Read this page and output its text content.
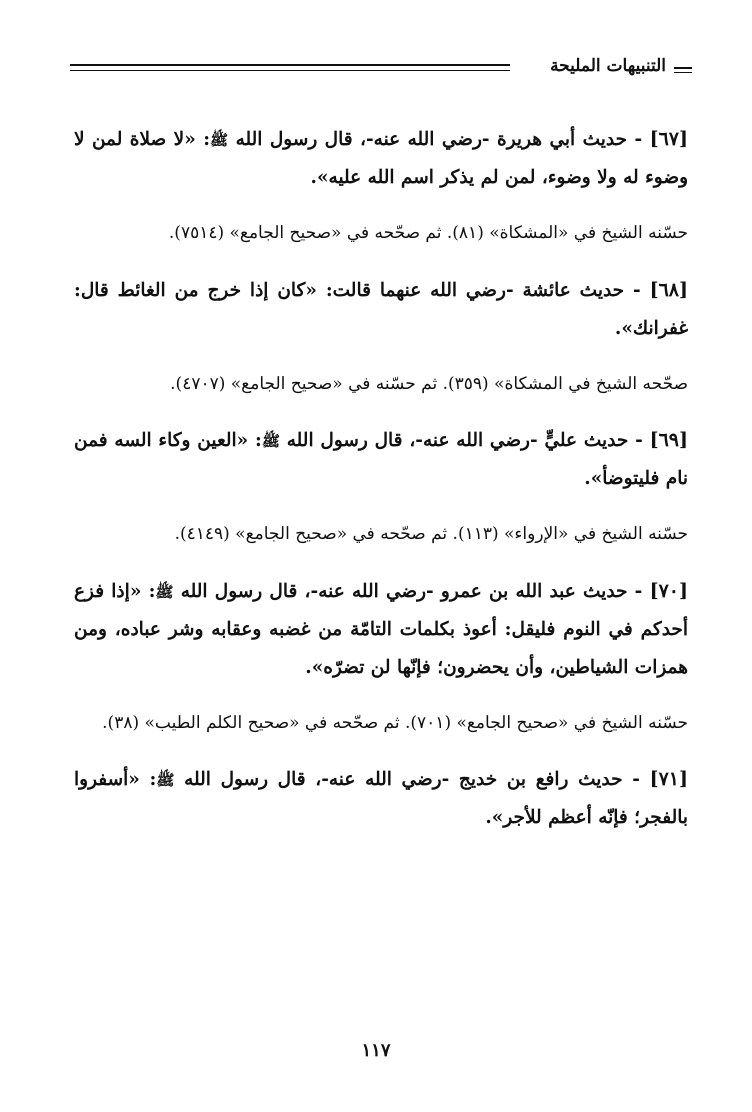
التنبيهات المليحة

[٦٧] - حديث أبي هريرة -رضي الله عنه-، قال رسول الله ﷺ: «لا صلاة لمن لا وضوء له ولا وضوء، لمن لم يذكر اسم الله عليه».

حسّنه الشيخ في «المشكاة» (٨١). ثم صحّحه في «صحيح الجامع» (٧٥١٤).

[٦٨] - حديث عائشة -رضي الله عنهما قالت: «كان إذا خرج من الغائط قال: غفرانك».

صحّحه الشيخ في المشكاة» (٣٥٩). ثم حسّنه في «صحيح الجامع» (٤٧٠٧).

[٦٩] - حديث عليٍّ -رضي الله عنه-، قال رسول الله ﷺ: «العين وكاء السه فمن نام فليتوضأ».

حسّنه الشيخ في «الإرواء» (١١٣). ثم صحّحه في «صحيح الجامع» (٤١٤٩).

[٧٠] - حديث عبد الله بن عمرو -رضي الله عنه-، قال رسول الله ﷺ: «إذا فزع أحدكم في النوم فليقل: أعوذ بكلمات التامّة من غضبه وعقابه وشر عباده، ومن همزات الشياطين، وأن يحضرون؛ فإنّها لن تضرّه».

حسّنه الشيخ في «صحيح الجامع» (٧٠١). ثم صحّحه في «صحيح الكلم الطيب» (٣٨).

[٧١] - حديث رافع بن خديج -رضي الله عنه-، قال رسول الله ﷺ: «أسفروا بالفجر؛ فإنّه أعظم للأجر».

١١٧
